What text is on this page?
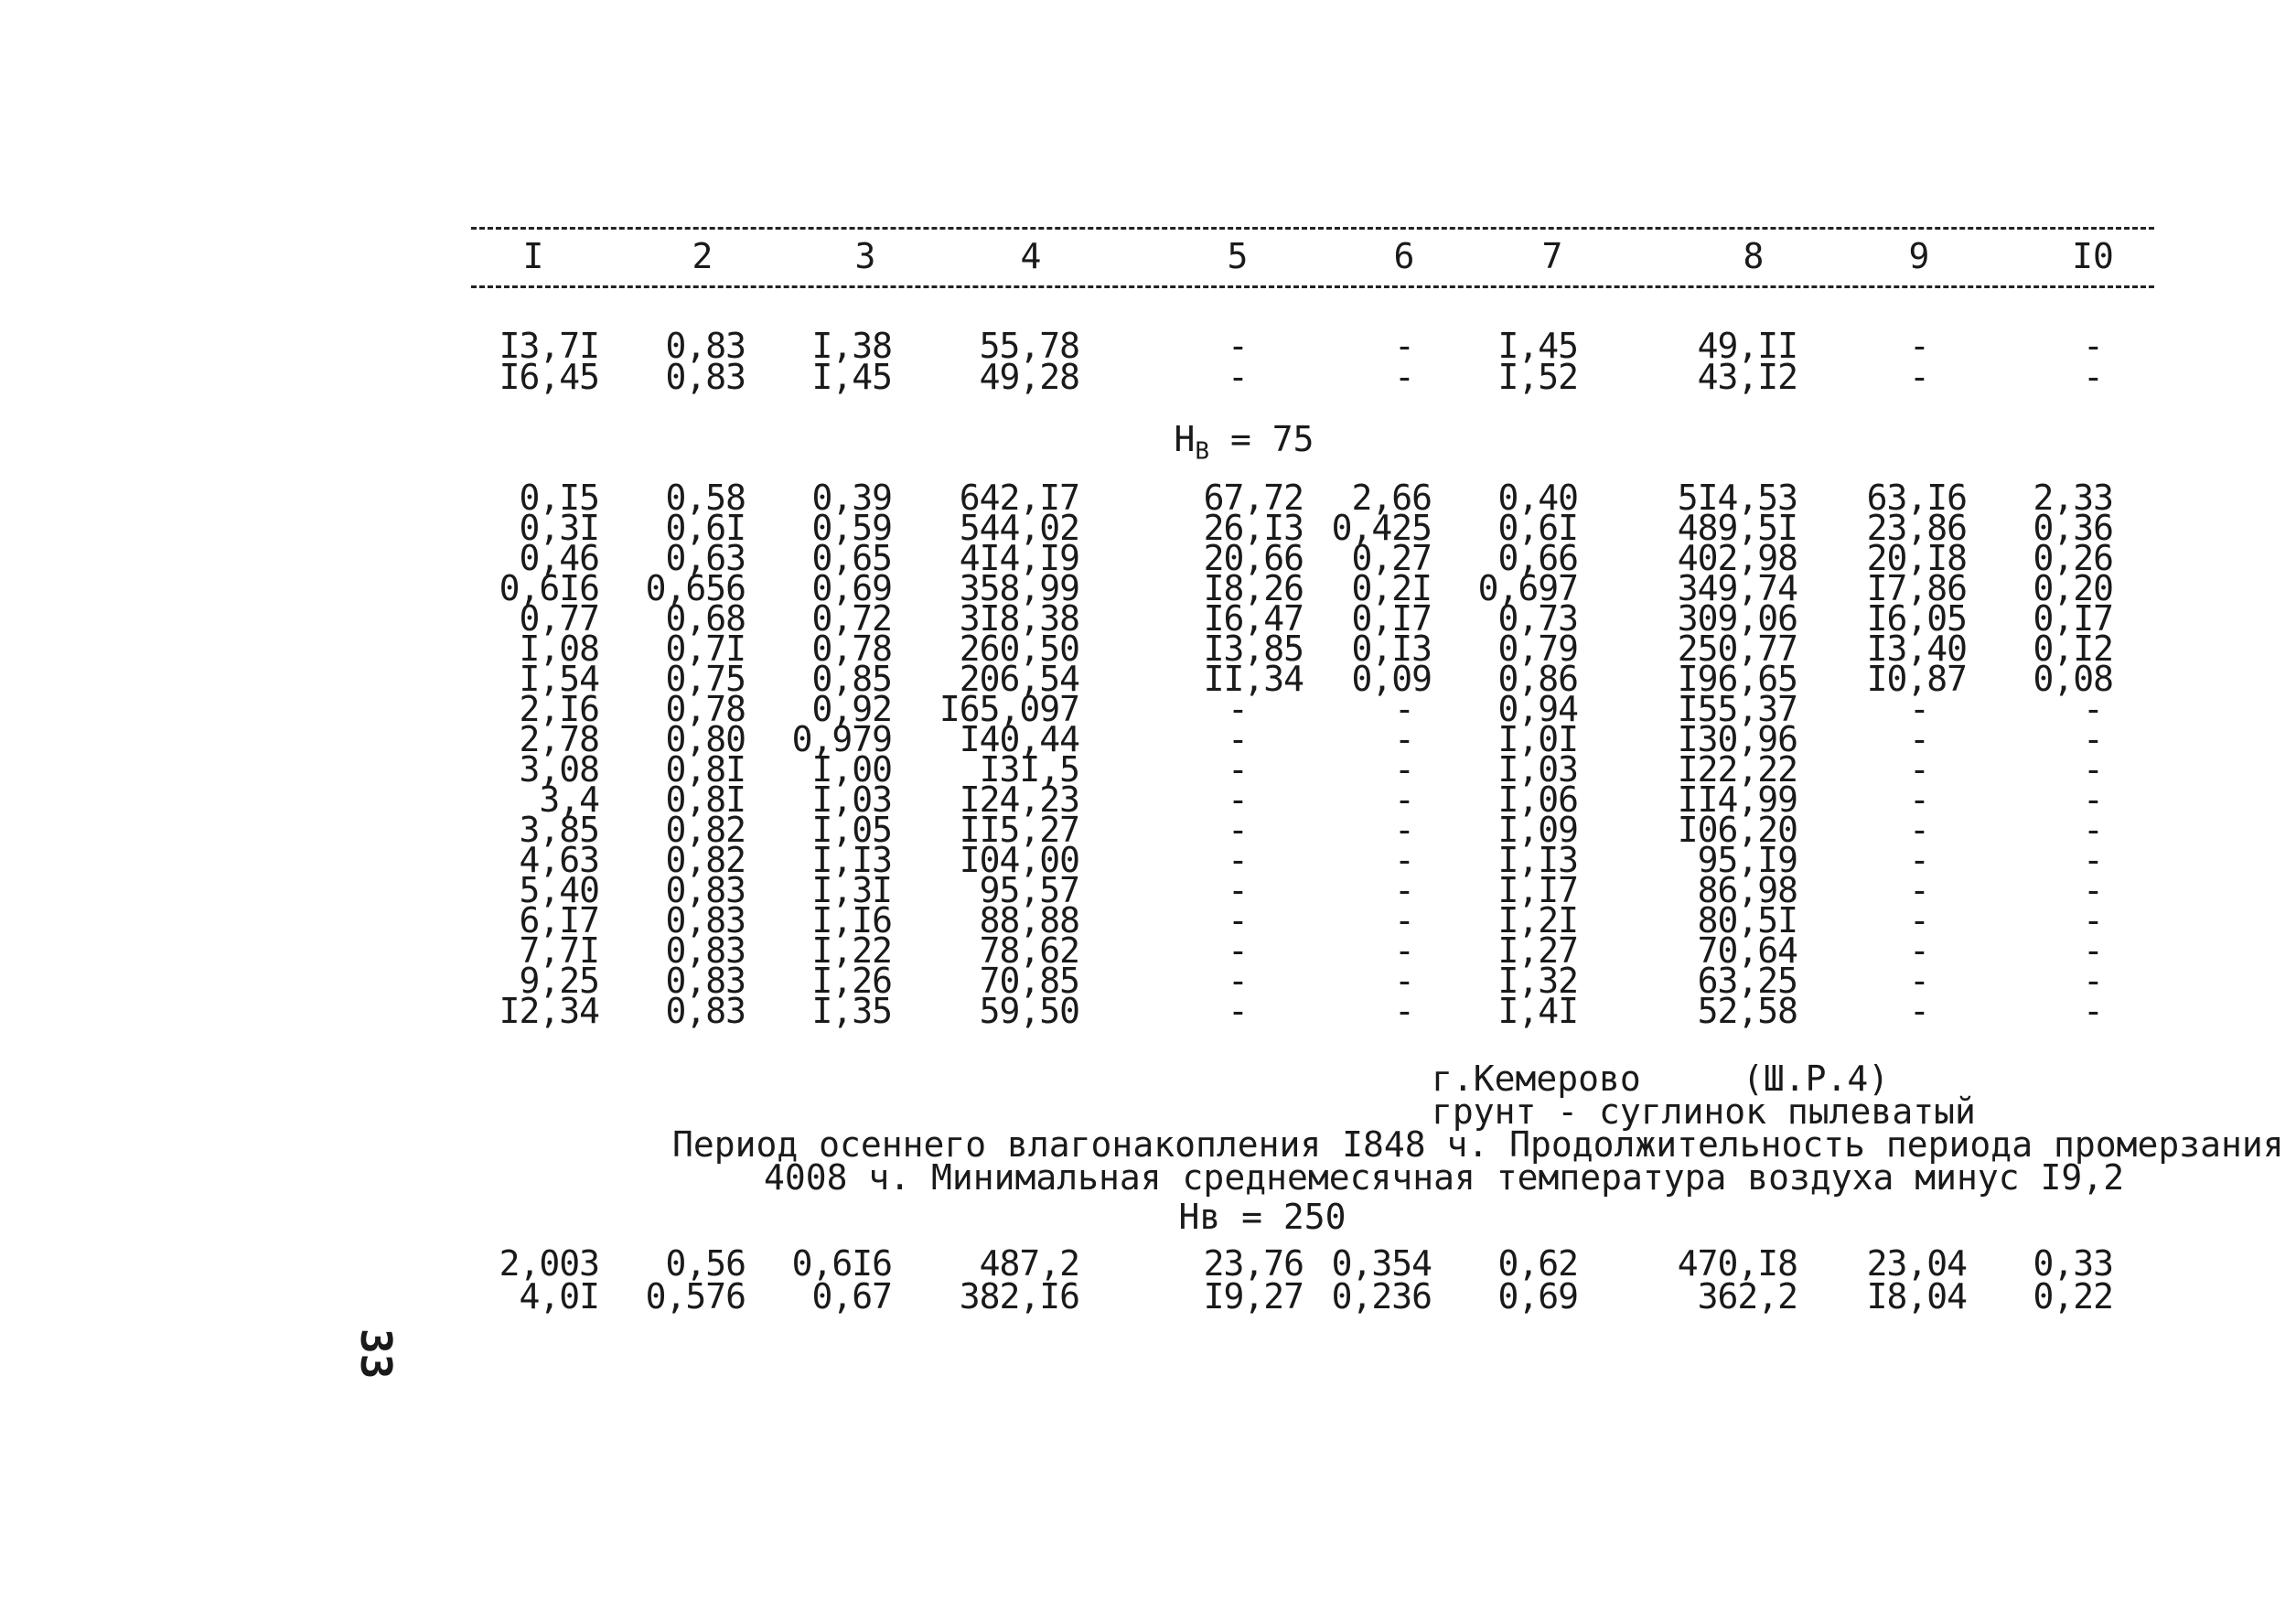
I	2	3	4	5	6	7	8	9	I0
I3,7I 0,83 I,38	55,78	-	- I,45	49,II	-	-
I6,45 0,83 I,45	49,28	-	- I,52	43,I2	-	-
$H_B = 75$
0,I5 0,58 0,39 642,I7	67,72 2,66 0,40	5I4,53 63,I6 2,33
0,3I 0,6I 0,59 544,02	26,I3 0,425 0,6I	489,5I 23,86 0,36
0,46 0,63 0,65 4I4,I9	20,66 0,27 0,66	402,98 20,I8 0,26
0,6I6 0,656 0,69 358,99	I8,26 0,2I 0,697	349,74 I7,86 0,20
0,77 0,68 0,72 3I8,38	I6,47 0,I7 0,73	309,06 I6,05 0,I7
I,08 0,7I 0,78 260,50	I3,85 0,I3 0,79	250,77 I3,40 0,I2
I,54 0,75 0,85 206,54	II,34 0,09 0,86	I96,65 I0,87 0,08
2,I6 0,78 0,92 I65,097	-	- 0,94	I55,37	-	-
2,78 0,80 0,979 I40,44	-	- I,0I	I30,96	-	-
3,08 0,8I I,00	I3I,5	-	- I,03	I22,22	-	-
3,4 0,8I I,03 I24,23	-	- I,06	II4,99	-	-
3,85 0,82 I,05 II5,27	-	- I,09	I06,20	-	-
4,63 0,82 I,I3 I04,00	-	- I,I3	95,I9	-	-
5,40 0,83 I,3I	95,57	-	- I,I7	86,98	-	-
6,I7 0,83 I,I6	88,88	-	- I,2I	80,5I	-	-
7,7I 0,83 I,22	78,62	-	- I,27	70,64	-	-
9,25 0,83 I,26	70,85	-	- I,32	63,25	-	-
I2,34 0,83 I,35	59,50	-	- I,4I	52,58	-	-
г.Кемерово	(Ш.Р.4)
грунт - суглинок пылеватый
Период осеннего влагонакопления I848 ч. Продолжительность периода промерзания
4008 ч. Минимальная среднемесячная температура воздуха минус I9,2
Нв = 250
2,003 0,56 0,6I6	487,2	23,76 0,354 0,62	470,I8 23,04 0,33
4,0I 0,576 0,67 382,I6	I9,27 0,236 0,69	362,2 I8,04 0,22
33
